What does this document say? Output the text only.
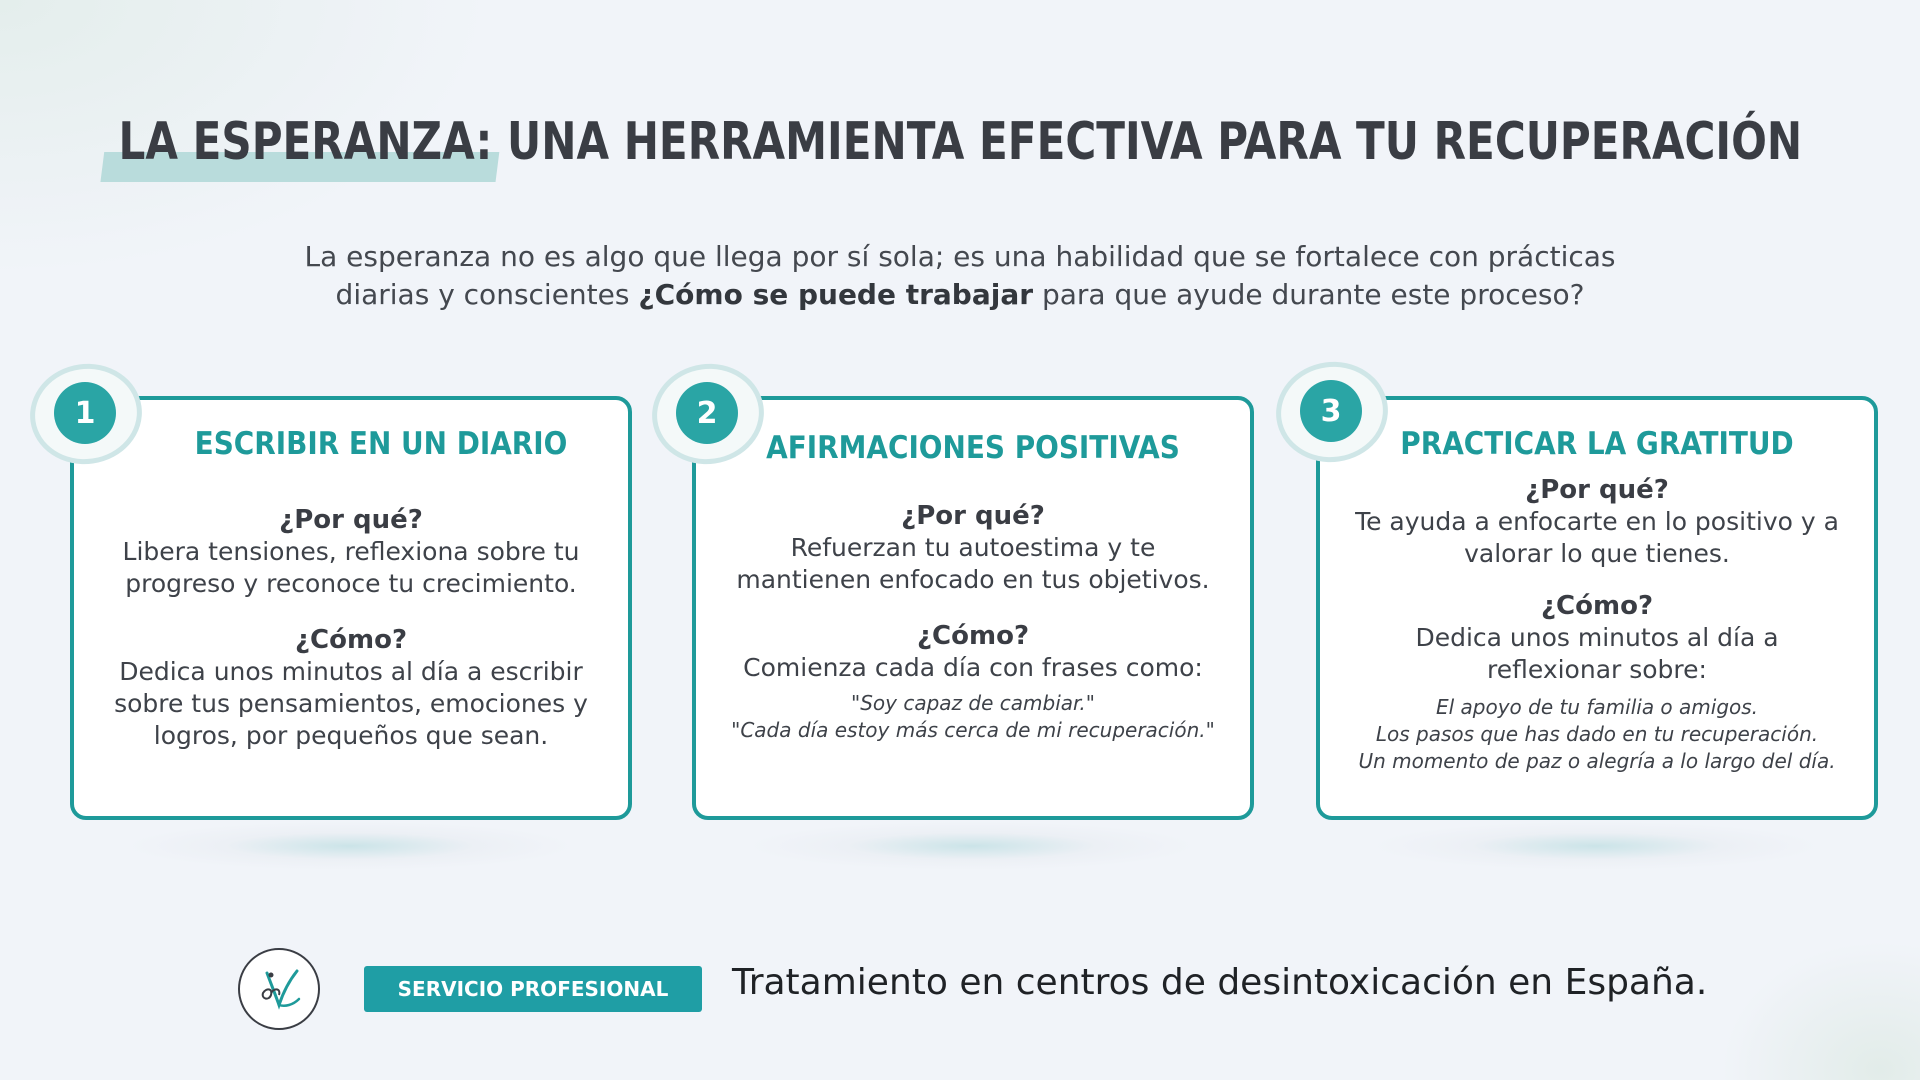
LA ESPERANZA: UNA HERRAMIENTA EFECTIVA PARA TU RECUPERACIÓN
La esperanza no es algo que llega por sí sola; es una habilidad que se fortalece con prácticas
diarias y conscientes ¿Cómo se puede trabajar para que ayude durante este proceso?
ESCRIBIR EN UN DIARIO
¿Por qué?
Libera tensiones, reflexiona sobre tu
progreso y reconoce tu crecimiento.
¿Cómo?
Dedica unos minutos al día a escribir
sobre tus pensamientos, emociones y
logros, por pequeños que sean.
1
AFIRMACIONES POSITIVAS
¿Por qué?
Refuerzan tu autoestima y te
mantienen enfocado en tus objetivos.
¿Cómo?
Comienza cada día con frases como:
"Soy capaz de cambiar."
"Cada día estoy más cerca de mi recuperación."
2
PRACTICAR LA GRATITUD
¿Por qué?
Te ayuda a enfocarte en lo positivo y a
valorar lo que tienes.
¿Cómo?
Dedica unos minutos al día a
reflexionar sobre:
El apoyo de tu familia o amigos.
Los pasos que has dado en tu recuperación.
Un momento de paz o alegría a lo largo del día.
3
SERVICIO PROFESIONAL	Tratamiento en centros de desintoxicación en España.
